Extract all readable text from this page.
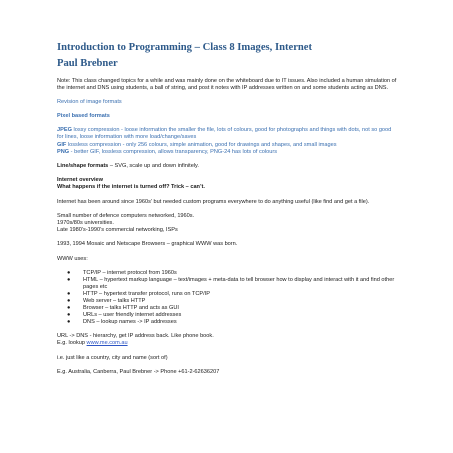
Introduction to Programming – Class 8 Images, Internet
Paul Brebner

Note: This class changed topics for a while and was mainly done on the whiteboard due to IT issues. Also included a human simulation of the internet and DNS using students, a ball of string, and post it notes with IP addresses written on and some students acting as DNS.

Revision of image formats

Pixel based formats

JPEG lossy compression - loose information the smaller the file, lots of colours, good for photographs and things with dots, not so good for lines, loose information with more load/change/saves

GIF lossless compression - only 256 colours, simple animation, good for drawings and shapes, and small images

PNG - better GIF, lossless compression, allows transparency, PNG-24 has lots of colours

Line/shape formats – SVG, scale up and down infinitely.

Internet overview

What happens if the internet is turned off? Trick – can’t.

Internet has been around since 1960s’ but needed custom programs everywhere to do anything useful (like find and get a file).

Small number of defence computers networked, 1960s.

1970s/80s universities.

Late 1980’s-1990’s commercial networking, ISPs

1993, 1994 Mosaic and Netscape Browsers – graphical WWW was born.

WWW uses:

● TCP/IP – internet protocol from 1960s
● HTML – hypertext markup language – text/images + meta-data to tell browser how to display and interact with it and find other pages etc
● HTTP – hypertext transfer protocol, runs on TCP/IP
● Web server – talks HTTP
● Browser – talks HTTP and acts as GUI
● URLs – user friendly internet addresses
● DNS – lookup names -> IP addresses

URL -> DNS - hierarchy, get IP address back. Like phone book.

E.g. lookup www.me.com.au

i.e. just like a country, city and name (sort of)

E.g. Australia, Canberra, Paul Brebner -> Phone +61-2-62636207
